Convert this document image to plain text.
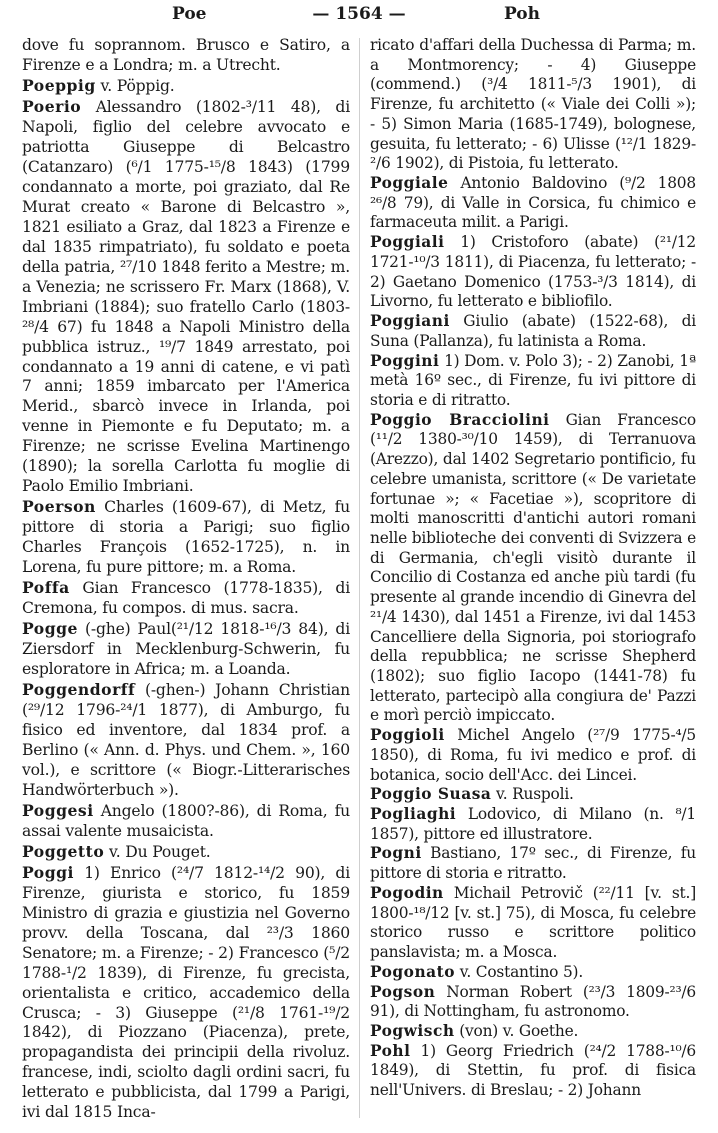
Poe	— 1564 —	Poh

dove fu soprannom. Brusco e Satiro, a Firenze e a Londra; m. a Utrecht.

Poeppig v. Pöppig.

Poerio Alessandro (1802-³/11 48), di Napoli, figlio del celebre avvocato e patriotta Giuseppe di Belcastro (Catanzaro) (⁶/1 1775-¹⁵/8 1843) (1799 condannato a morte, poi graziato, dal Re Murat creato « Barone di Belcastro », 1821 esiliato a Graz, dal 1823 a Firenze e dal 1835 rimpatriato), fu soldato e poeta della patria, ²⁷/10 1848 ferito a Mestre; m. a Venezia; ne scrissero Fr. Marx (1868), V. Imbriani (1884); suo fratello Carlo (1803-²⁸/4 67) fu 1848 a Napoli Ministro della pubblica istruz., ¹⁹/7 1849 arrestato, poi condannato a 19 anni di catene, e vi patì 7 anni; 1859 imbarcato per l'America Merid., sbarcò invece in Irlanda, poi venne in Piemonte e fu Deputato; m. a Firenze; ne scrisse Evelina Martinengo (1890); la sorella Carlotta fu moglie di Paolo Emilio Imbriani.

Poerson Charles (1609-67), di Metz, fu pittore di storia a Parigi; suo figlio Charles François (1652-1725), n. in Lorena, fu pure pittore; m. a Roma.

Poffa Gian Francesco (1778-1835), di Cremona, fu compos. di mus. sacra.

Pogge (-ghe) Paul(²¹/12 1818-¹⁶/3 84), di Ziersdorf in Mecklenburg-Schwerin, fu esploratore in Africa; m. a Loanda.

Poggendorff (-ghen-) Johann Christian (²⁹/12 1796-²⁴/1 1877), di Amburgo, fu fisico ed inventore, dal 1834 prof. a Berlino (« Ann. d. Phys. und Chem. », 160 vol.), e scrittore (« Biogr.-Litterarisches Handwörterbuch »).

Poggesi Angelo (1800?-86), di Roma, fu assai valente musaicista.

Poggetto v. Du Pouget.

Poggi 1) Enrico (²⁴/7 1812-¹⁴/2 90), di Firenze, giurista e storico, fu 1859 Ministro di grazia e giustizia nel Governo provv. della Toscana, dal ²³/3 1860 Senatore; m. a Firenze; - 2) Francesco (⁵/2 1788-¹/2 1839), di Firenze, fu grecista, orientalista e critico, accademico della Crusca; - 3) Giuseppe (²¹/8 1761-¹⁹/2 1842), di Piozzano (Piacenza), prete, propagandista dei principii della rivoluz. francese, indi, sciolto dagli ordini sacri, fu letterato e pubblicista, dal 1799 a Parigi, ivi dal 1815 Inca-

ricato d'affari della Duchessa di Parma; m. a Montmorency; - 4) Giuseppe (commend.) (³/4 1811-⁵/3 1901), di Firenze, fu architetto (« Viale dei Colli »); - 5) Simon Maria (1685-1749), bolognese, gesuita, fu letterato; - 6) Ulisse (¹²/1 1829-²/6 1902), di Pistoia, fu letterato.

Poggiale Antonio Baldovino (⁹/2 1808 ²⁶/8 79), di Valle in Corsica, fu chimico e farmaceuta milit. a Parigi.

Poggiali 1) Cristoforo (abate) (²¹/12 1721-¹⁰/3 1811), di Piacenza, fu letterato; - 2) Gaetano Domenico (1753-³/3 1814), di Livorno, fu letterato e bibliofilo.

Poggiani Giulio (abate) (1522-68), di Suna (Pallanza), fu latinista a Roma.

Poggini 1) Dom. v. Polo 3); - 2) Zanobi, 1ª metà 16º sec., di Firenze, fu ivi pittore di storia e di ritratto.

Poggio Bracciolini Gian Francesco (¹¹/2 1380-³⁰/10 1459), di Terranuova (Arezzo), dal 1402 Segretario pontificio, fu celebre umanista, scrittore (« De varietate fortunae »; « Facetiae »), scopritore di molti manoscritti d'antichi autori romani nelle biblioteche dei conventi di Svizzera e di Germania, ch'egli visitò durante il Concilio di Costanza ed anche più tardi (fu presente al grande incendio di Ginevra del ²¹/4 1430), dal 1451 a Firenze, ivi dal 1453 Cancelliere della Signoria, poi storiografo della repubblica; ne scrisse Shepherd (1802); suo figlio Iacopo (1441-78) fu letterato, partecipò alla congiura de' Pazzi e morì perciò impiccato.

Poggioli Michel Angelo (²⁷/9 1775-⁴/5 1850), di Roma, fu ivi medico e prof. di botanica, socio dell'Acc. dei Lincei.

Poggio Suasa v. Ruspoli.

Pogliaghi Lodovico, di Milano (n. ⁸/1 1857), pittore ed illustratore.

Pogni Bastiano, 17º sec., di Firenze, fu pittore di storia e ritratto.

Pogodin Michail Petrovič (²²/11 [v. st.] 1800-¹⁸/12 [v. st.] 75), di Mosca, fu celebre storico russo e scrittore politico panslavista; m. a Mosca.

Pogonato v. Costantino 5).

Pogson Norman Robert (²³/3 1809-²³/6 91), di Nottingham, fu astronomo.

Pogwisch (von) v. Goethe.

Pohl 1) Georg Friedrich (²⁴/2 1788-¹⁰/6 1849), di Stettin, fu prof. di fisica nell'Univers. di Breslau; - 2) Johann
